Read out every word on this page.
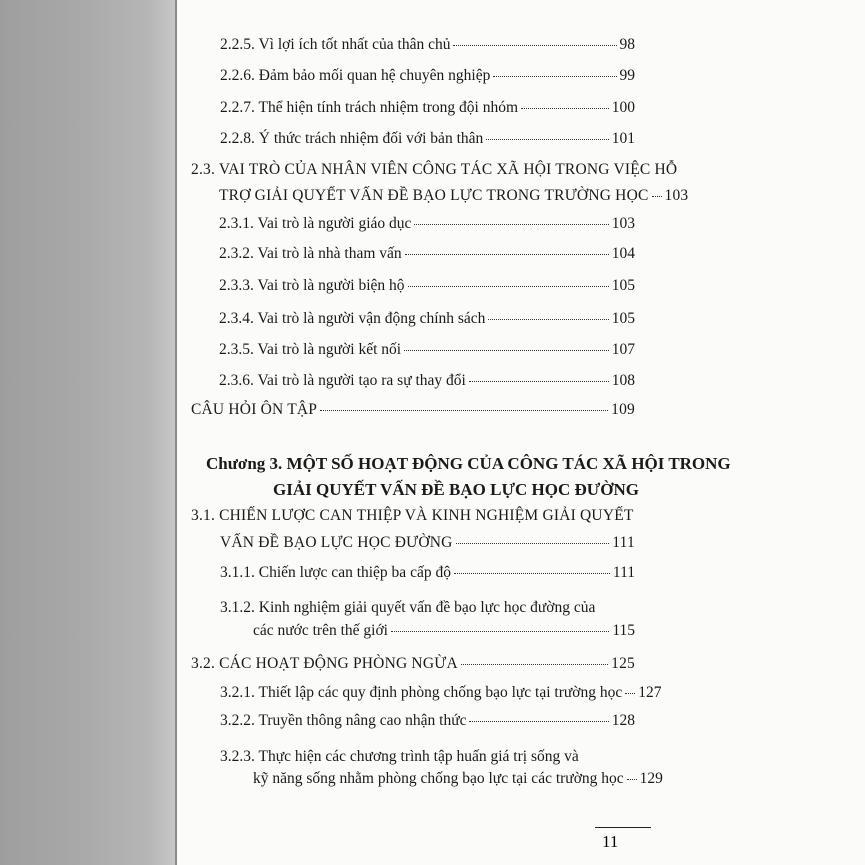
· · ·
2.2.5. Vì lợi ích tốt nhất của thân chủ	98
2.2.6. Đảm bảo mối quan hệ chuyên nghiệp	99
2.2.7. Thể hiện tính trách nhiệm trong đội nhóm	100
2.2.8. Ý thức trách nhiệm đối với bản thân	101
2.3. VAI TRÒ CỦA NHÂN VIÊN CÔNG TÁC XÃ HỘI TRONG VIỆC HỖ
TRỢ GIẢI QUYẾT VẤN ĐỀ BẠO LỰC TRONG TRƯỜNG HỌC 103
2.3.1. Vai trò là người giáo dục	103
2.3.2. Vai trò là nhà tham vấn	104
2.3.3. Vai trò là người biện hộ	105
2.3.4. Vai trò là người vận động chính sách	105
2.3.5. Vai trò là người kết nối	107
2.3.6. Vai trò là người tạo ra sự thay đổi	108
CÂU HỎI ÔN TẬP	109
Chương 3. MỘT SỐ HOẠT ĐỘNG CỦA CÔNG TÁC XÃ HỘI TRONG
GIẢI QUYẾT VẤN ĐỀ BẠO LỰC HỌC ĐƯỜNG
3.1. CHIẾN LƯỢC CAN THIỆP VÀ KINH NGHIỆM GIẢI QUYẾT
VẤN ĐỀ BẠO LỰC HỌC ĐƯỜNG	111
3.1.1. Chiến lược can thiệp ba cấp độ	111
3.1.2. Kinh nghiệm giải quyết vấn đề bạo lực học đường của
các nước trên thế giới	115
3.2. CÁC HOẠT ĐỘNG PHÒNG NGỪA	125
3.2.1. Thiết lập các quy định phòng chống bạo lực tại trường học 127
3.2.2. Truyền thông nâng cao nhận thức	128
3.2.3. Thực hiện các chương trình tập huấn giá trị sống và
kỹ năng sống nhằm phòng chống bạo lực tại các trường học 129
11
